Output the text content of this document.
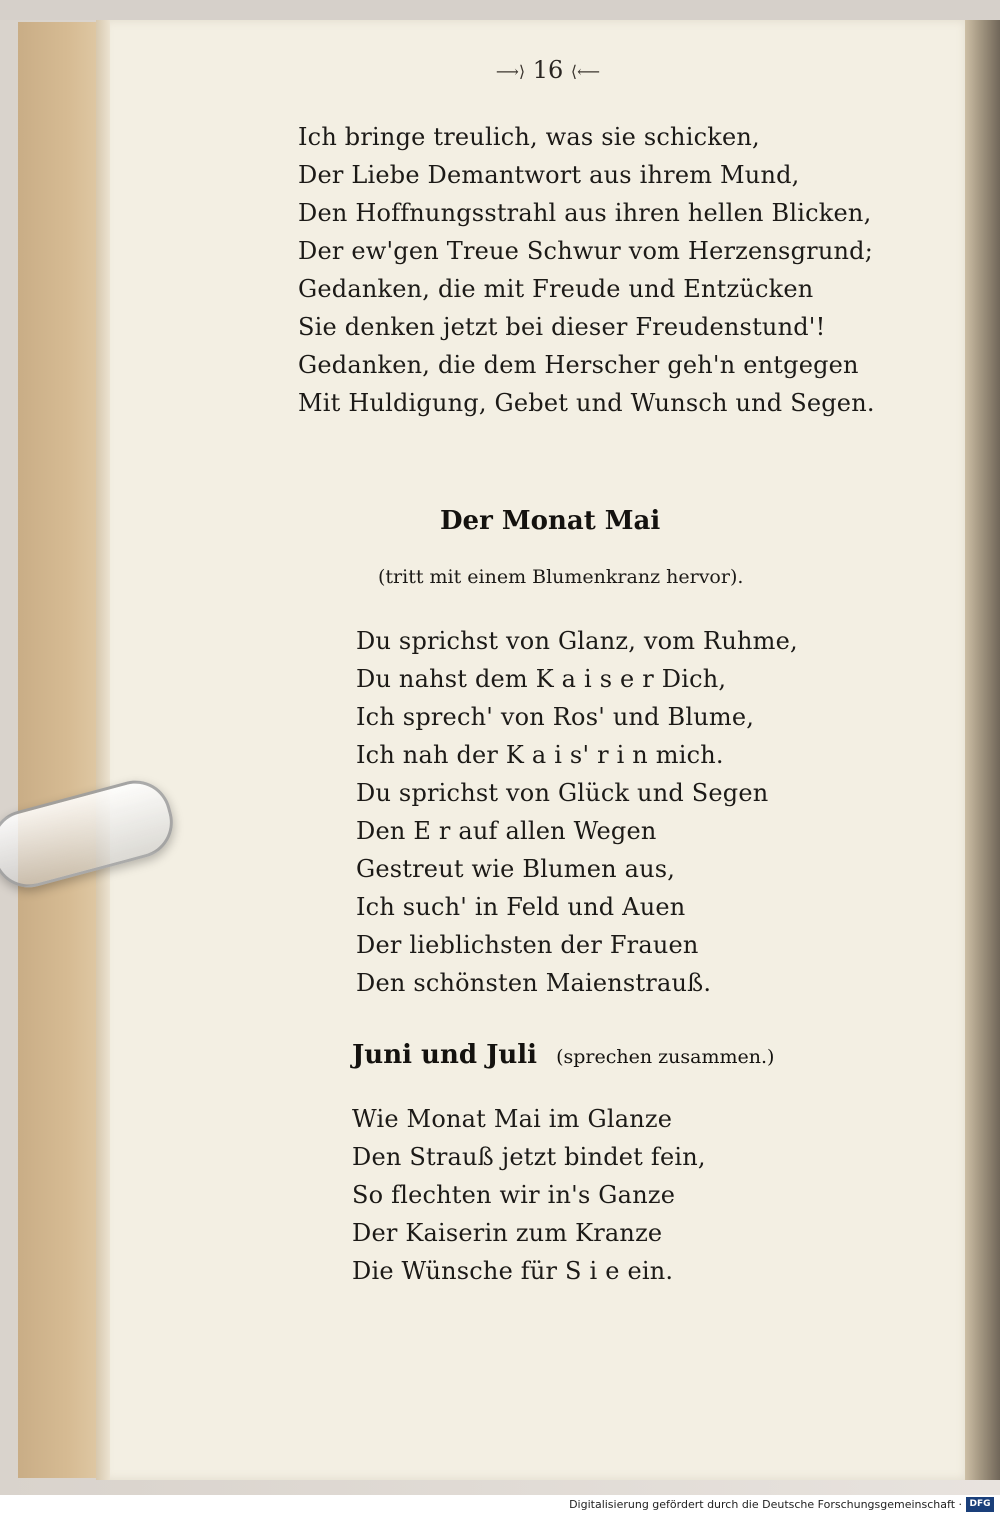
⟶⟩ 16 ⟨⟵
Ich bringe treulich, was sie schicken,
Der Liebe Demantwort aus ihrem Mund,
Den Hoffnungsstrahl aus ihren hellen Blicken,
Der ew'gen Treue Schwur vom Herzensgrund;
Gedanken, die mit Freude und Entzücken
Sie denken jetzt bei dieser Freudenstund'!
Gedanken, die dem Herscher geh'n entgegen
Mit Huldigung, Gebet und Wunsch und Segen.
Der Monat Mai
(tritt mit einem Blumenkranz hervor).
Du sprichst von Glanz, vom Ruhme,
Du nahst dem K a i s e r Dich,
Ich sprech' von Ros' und Blume,
Ich nah der K a i s' r i n mich.
Du sprichst von Glück und Segen
Den E r auf allen Wegen
Gestreut wie Blumen aus,
Ich such' in Feld und Auen
Der lieblichsten der Frauen
Den schönsten Maienstrauß.
Juni und Juli (sprechen zusammen.)
Wie Monat Mai im Glanze
Den Strauß jetzt bindet fein,
So flechten wir in's Ganze
Der Kaiserin zum Kranze
Die Wünsche für S i e ein.
Digitalisierung gefördert durch die Deutsche Forschungsgemeinschaft · DFG
